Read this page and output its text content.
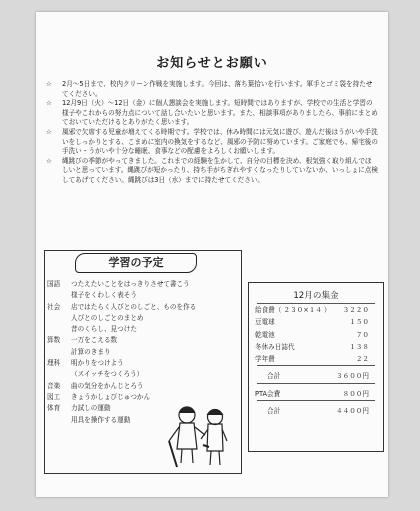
お知らせとお願い
☆ 2月～5日まで、校内クリーン作戦を実施します。今回は、落ち葉拾いを行います。軍手とゴミ袋を持たせてください。
☆ 12月9日（火）～12日（金）に個人懇談会を実施します。短時間ではありますが、学校での生活と学習の様子やこれからの努力点について話し合いたいと思います。また、相談事項がありましたら、事前にまとめておいていただけるとありがたく思います。
☆ 風邪で欠席する児童が増えてくる時期です。学校では、休み時間には元気に遊び、遊んだ後はうがいや手洗いをしっかりとする、こまめに室内の換気をするなど、風邪の予防に努めています。ご家庭でも、帰宅後の手洗い・うがいや十分な睡眠、食事などの配慮をよろしくお願いします。
☆ 縄跳びの季節がやってきました。これまでの経験を生かして、自分の目標を決め、根気強く取り組んでほしいと思っています。縄跳びが短かったり、持ち手がちぎれやすくなったりしていないか、いっしょに点検してあげてください。縄跳びは3日（水）までに持たせてください。
学習の予定
国語 つたえたいことをはっきりさせて書こう
様子をくわしく表そう
社会 店ではたらく人びとのしごと、ものを作る
人びとのしごとのまとめ
昔のくらし、見つけた
算数 一万をこえる数
計算のきまり
理科 明かりをつけよう
（スイッチをつくろう）
音楽 曲の気分をかんじとろう
図工 きょうかしょびじゅつかん
体育 力試しの運動
用具を操作する運動
12月の集金
給食費（ ２３０×１４ ） ３２２０
豆電球	１５０
乾電池	７０
冬休み日誌代	１３８
学年費	２２
合計	３６００円
PTA会費	８００円
合計	４４００円
